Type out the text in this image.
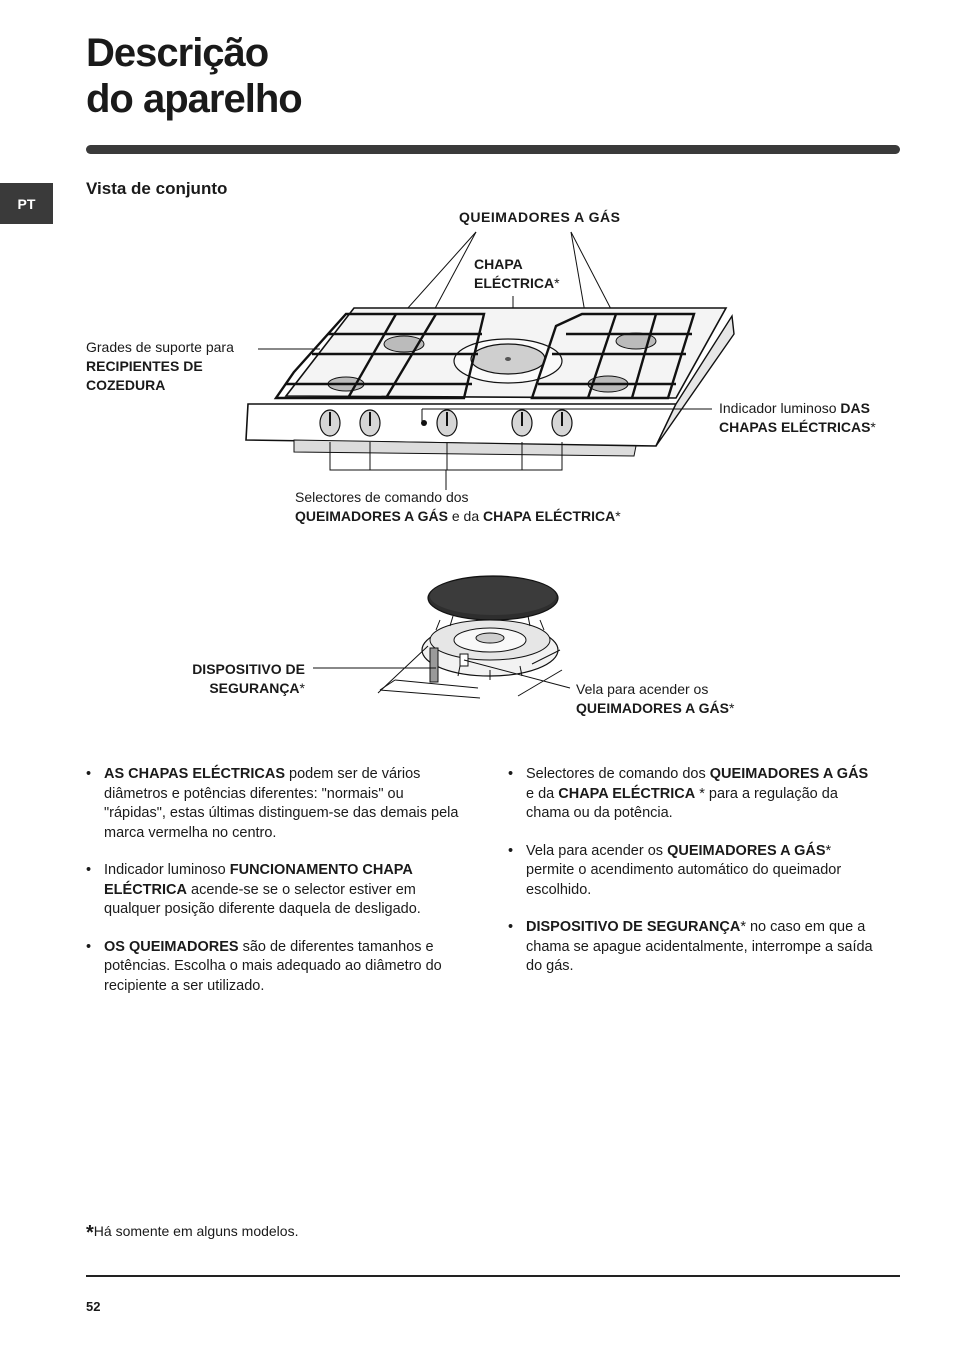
Descrição
do aparelho
PT
Vista de conjunto
QUEIMADORES A GÁS
CHAPA
ELÉCTRICA*
Grades de suporte para
RECIPIENTES DE
COZEDURA
Indicador luminoso DAS
CHAPAS ELÉCTRICAS*
Selectores de comando dos
QUEIMADORES A GÁS e da CHAPA ELÉCTRICA*
DISPOSITIVO DE
SEGURANÇA*	Vela para acender os
QUEIMADORES A GÁS*
• AS CHAPAS ELÉCTRICAS podem ser de vários diâmetros e potências diferentes: "normais" ou "rápidas", estas últimas distinguem-se das demais pela marca vermelha no centro.
• Indicador luminoso FUNCIONAMENTO CHAPA ELÉCTRICA acende-se se o selector estiver em qualquer posição diferente daquela de desligado.
• OS QUEIMADORES são de diferentes tamanhos e potências. Escolha o mais adequado ao diâmetro do recipiente a ser utilizado.
• Selectores de comando dos QUEIMADORES A GÁS e da CHAPA ELÉCTRICA * para a regulação da chama ou da potência.
• Vela para acender os QUEIMADORES A GÁS* permite o acendimento automático do queimador escolhido.
• DISPOSITIVO DE SEGURANÇA* no caso em que a chama se apague acidentalmente, interrompe a saída do gás.
*Há somente em alguns modelos.
52
